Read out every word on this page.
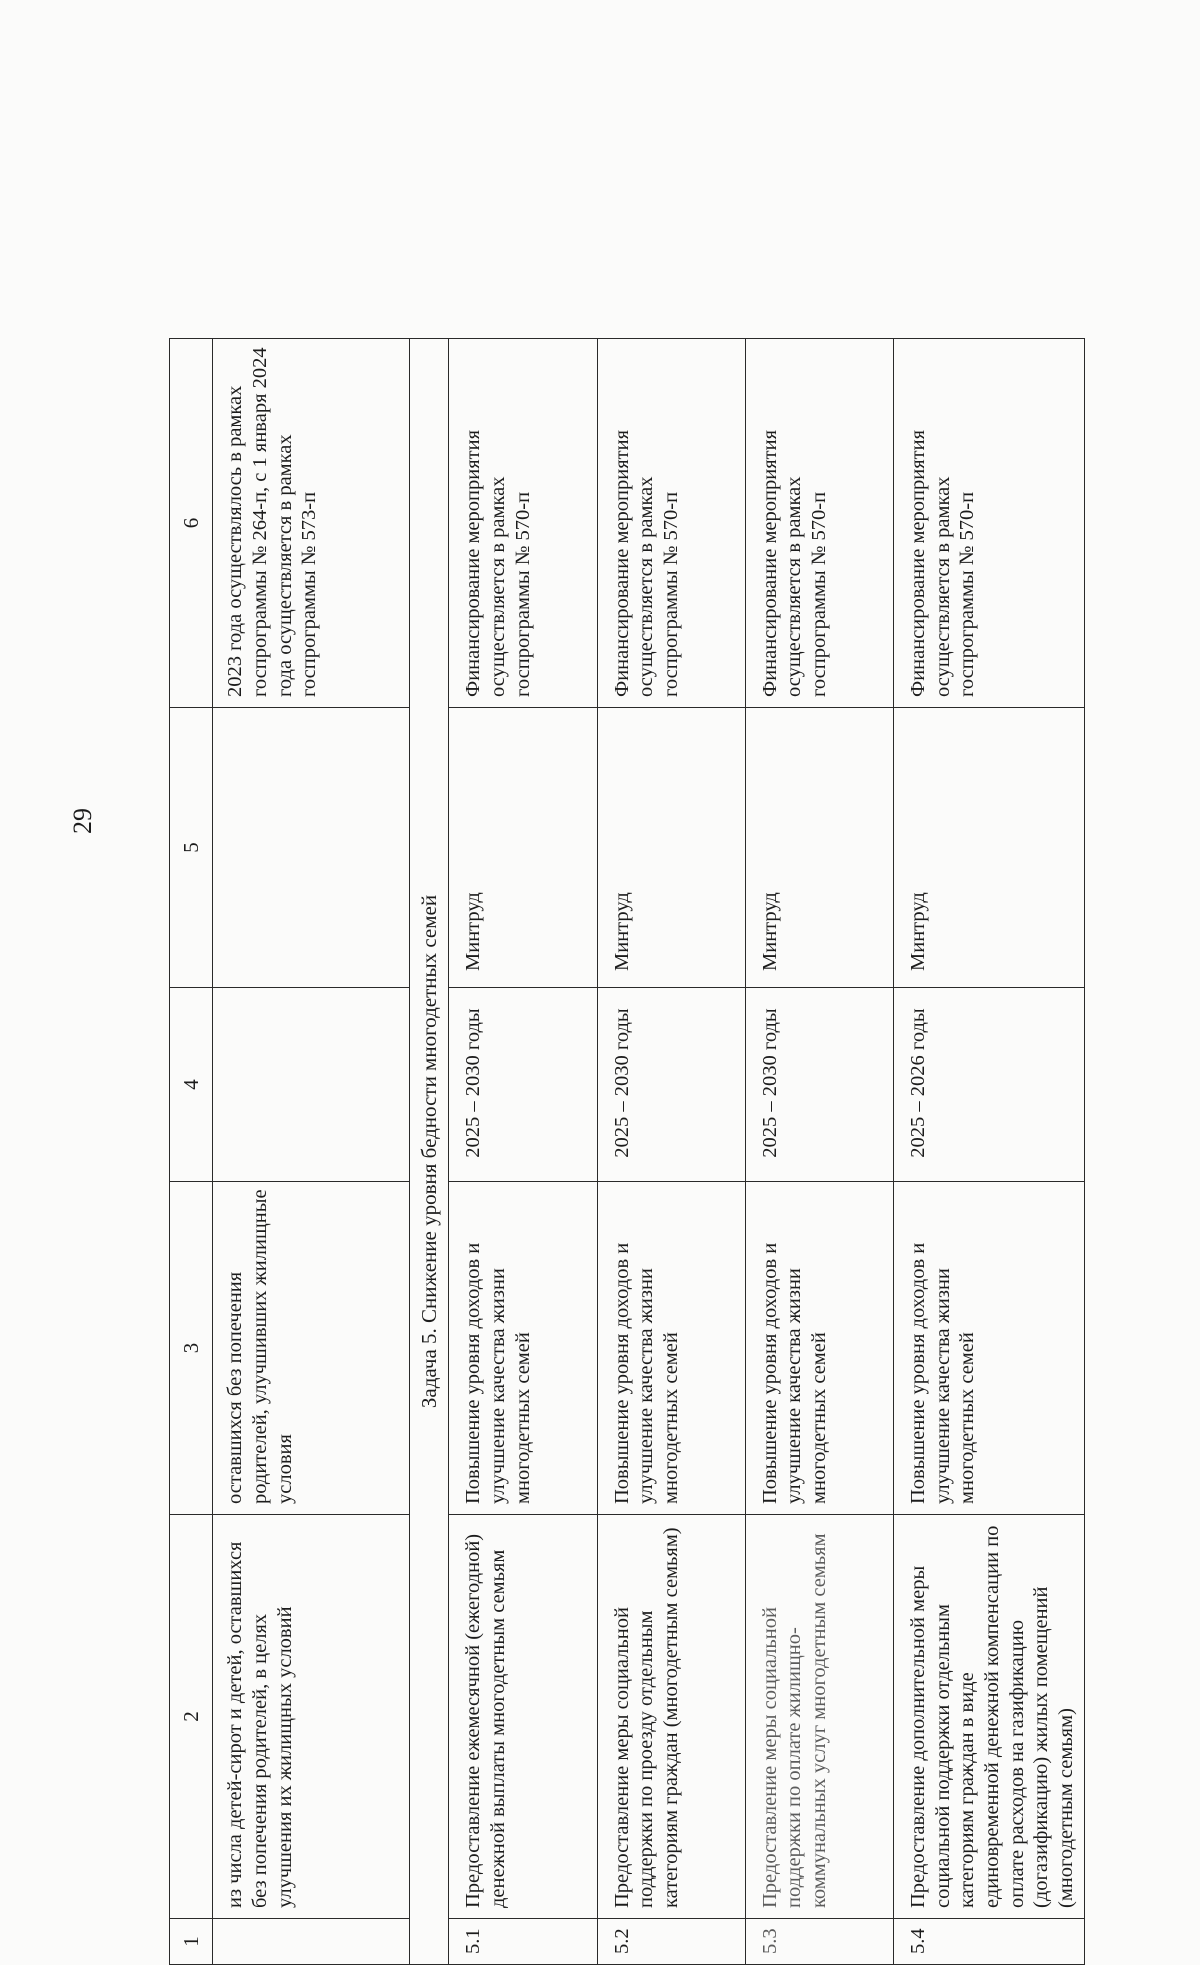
29
1	2	3	4	5	6
	из числа детей-сирот и детей, оставшихся без попечения родителей, в целях улучшения их жилищных условий	оставшихся без попечения родителей, улучшивших жилищные условия			2023 года осуществлялось в рамках госпрограммы № 264-п, с 1 января 2024 года осуществляется в рамках госпрограммы № 573-п
Задача 5. Снижение уровня бедности многодетных семей					
5.1	Предоставление ежемесячной (ежегодной) денежной выплаты многодетным семьям	Повышение уровня доходов и улучшение качества жизни многодетных семей	2025 – 2030 годы	Минтруд	Финансирование мероприятия осуществляется в рамках госпрограммы № 570-п
5.2	Предоставление меры социальной поддержки по проезду отдельным категориям граждан (многодетным семьям)	Повышение уровня доходов и улучшение качества жизни многодетных семей	2025 – 2030 годы	Минтруд	Финансирование мероприятия осуществляется в рамках госпрограммы № 570-п
5.3	Предоставление меры социальной поддержки по оплате жилищно-коммунальных услуг многодетным семьям	Повышение уровня доходов и улучшение качества жизни многодетных семей	2025 – 2030 годы	Минтруд	Финансирование мероприятия осуществляется в рамках госпрограммы № 570-п
5.4	Предоставление дополнительной меры социальной поддержки отдельным категориям граждан в виде единовременной денежной компенсации по оплате расходов на газификацию (догазификацию) жилых помещений (многодетным семьям)	Повышение уровня доходов и улучшение качества жизни многодетных семей	2025 – 2026 годы	Минтруд	Финансирование мероприятия осуществляется в рамках госпрограммы № 570-п
